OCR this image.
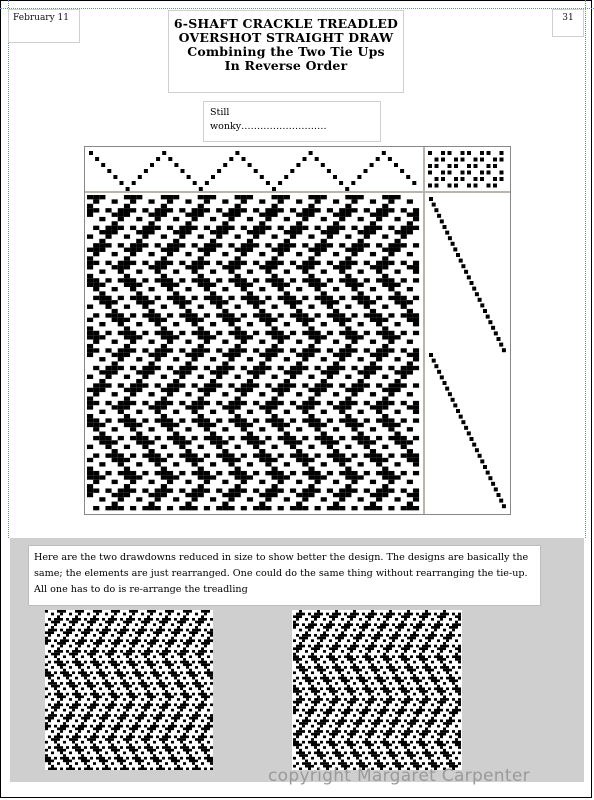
February 11	31
6-SHAFT CRACKLE TREADLED
OVERSHOT STRAIGHT DRAW
Combining the Two Tie Ups
In Reverse Order
Still
wonky………………………
Here are the two drawdowns reduced in size to show better the design. The designs are basically the same; the elements are just rearranged. One could do the same thing without rearranging the tie-up. All one has to do is re-arrange the treadling
copyright Margaret Carpenter
